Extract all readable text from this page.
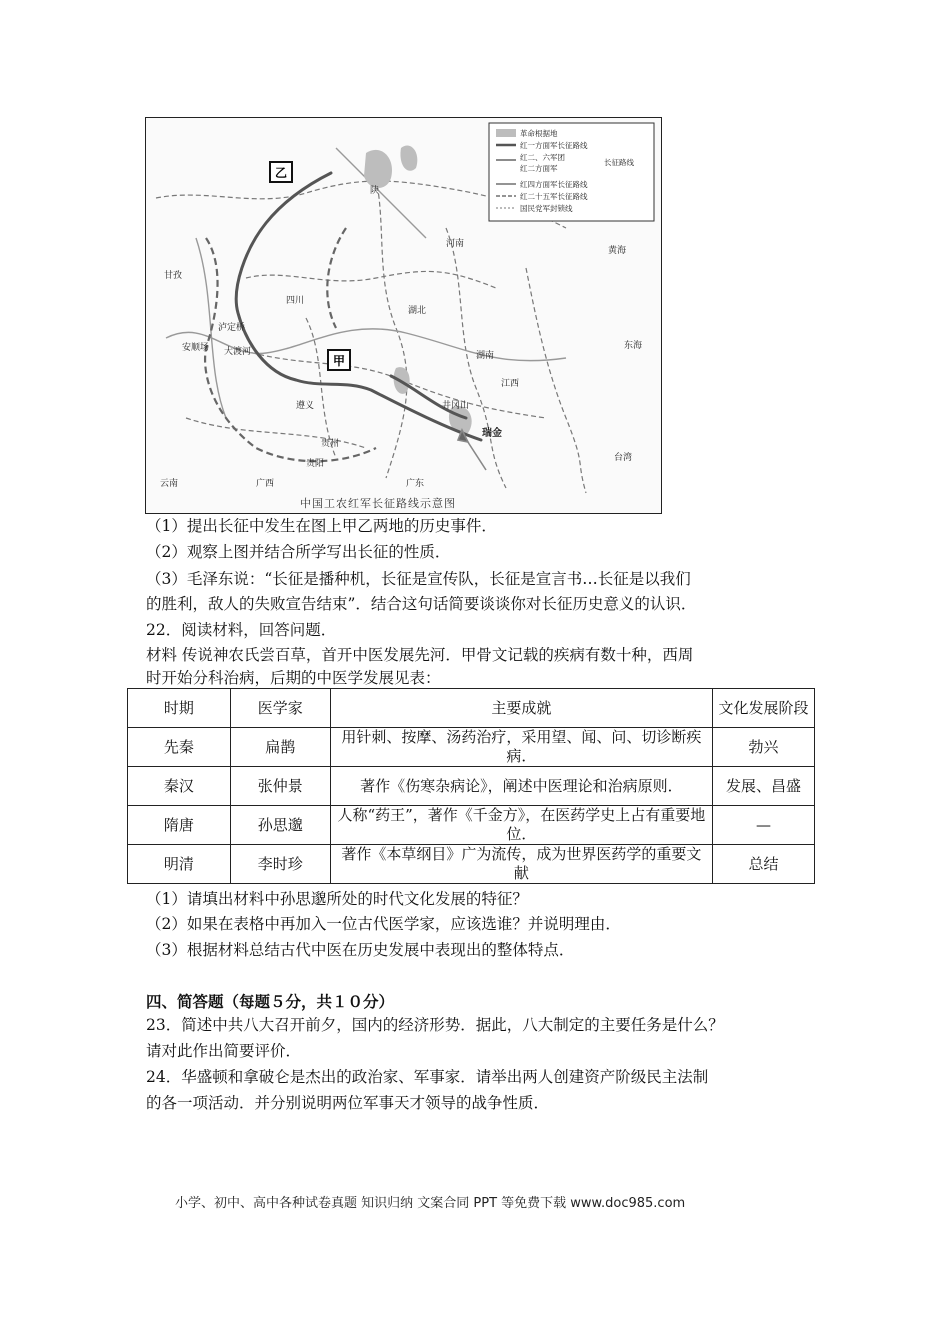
革命根据地
红一方面军长征路线
红二、六军团
红二方面军
长征路线
红四方面军长征路线
红二十五军长征路线
国民党军封锁线
乙
甲
甘孜
安顺场
泸定桥
大渡河
四川
湖北
河南
陕
遵义
贵阳
瑞金
井冈山
江西
湖南
广东
广西
云南
贵州
黄海
东海
台湾
中国工农红军长征路线示意图
（1）提出长征中发生在图上甲乙两地的历史事件．
（2）观察上图并结合所学写出长征的性质．
（3）毛泽东说：“长征是播种机，长征是宣传队，长征是宣言书…长征是以我们
的胜利，敌人的失败宣告结束”．结合这句话简要谈谈你对长征历史意义的认识．
22．阅读材料，回答问题．
材料 传说神农氏尝百草，首开中医发展先河．甲骨文记载的疾病有数十种，西周
时开始分科治病，后期的中医学发展见表：
时期	医学家	主要成就	文化发展阶段
先秦	扁鹊	用针刺、按摩、汤药治疗，采用望、闻、问、切诊断疾病．	勃兴
秦汉	张仲景	著作《伤寒杂病论》，阐述中医理论和治病原则．	发展、昌盛
隋唐	孙思邈	人称“药王”，著作《千金方》，在医药学史上占有重要地位．	—
明清	李时珍	著作《本草纲目》广为流传，成为世界医药学的重要文献	总结
（1）请填出材料中孙思邈所处的时代文化发展的特征？
（2）如果在表格中再加入一位古代医学家，应该选谁？并说明理由．
（3）根据材料总结古代中医在历史发展中表现出的整体特点．
四、简答题（每题５分，共１０分）
23．简述中共八大召开前夕，国内的经济形势．据此，八大制定的主要任务是什么？
请对此作出简要评价．
24．华盛顿和拿破仑是杰出的政治家、军事家．请举出两人创建资产阶级民主法制
的各一项活动．并分别说明两位军事天才领导的战争性质．
小学、初中、高中各种试卷真题 知识归纳 文案合同 PPT 等免费下载 www.doc985.com
